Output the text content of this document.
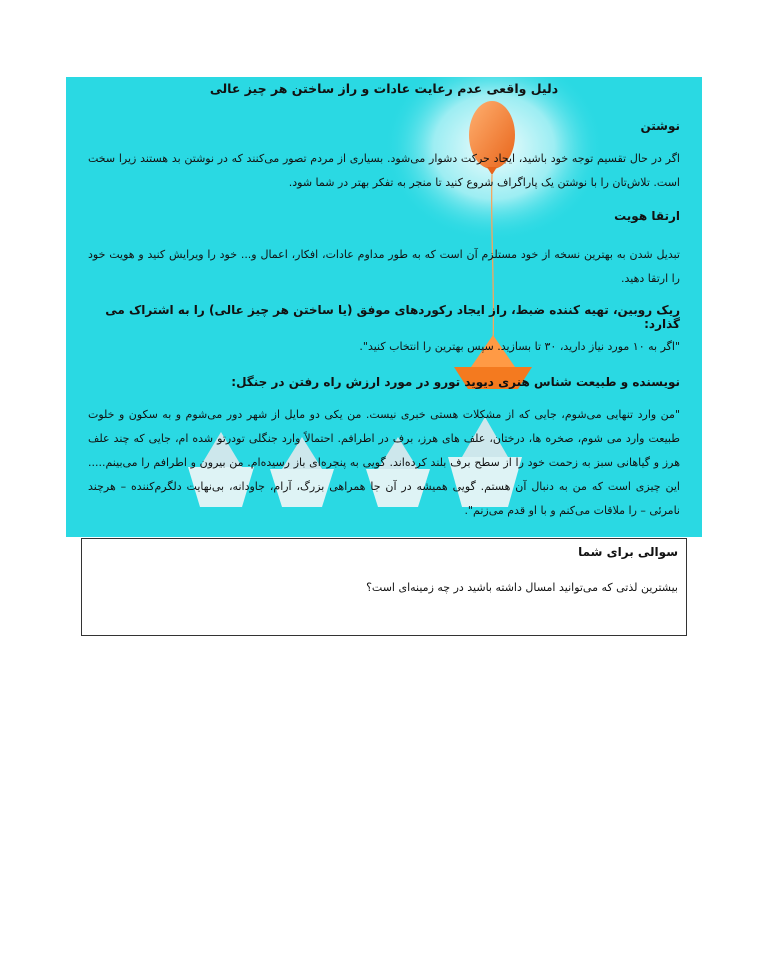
دلیل واقعی عدم رعایت عادات و راز ساختن هر چیز عالی
نوشتن

اگر در حال تقسیم توجه خود باشید، ایجاد حرکت دشوار می‌شود. بسیاری از مردم تصور می‌کنند که در نوشتن بد هستند زیرا سخت است. تلاش‌تان را با نوشتن یک پاراگراف شروع کنید تا منجر به تفکر بهتر در شما شود.

ارتقا هویت

تبدیل شدن به بهترین نسخه از خود مستلزم آن است که به طور مداوم عادات، افکار، اعمال و... خود را ویرایش کنید و هویت خود را ارتقا دهید.

ریک روبین، تهیه کننده ضبط، راز ایجاد رکوردهای موفق (یا ساختن هر چیز عالی) را به اشتراک می گذارد:

"اگر به ۱۰ مورد نیاز دارید، ۳۰ تا بسازید. سپس بهترین را انتخاب کنید".

نویسنده و طبیعت شناس هنری دیوید تورو در مورد ارزش راه رفتن در جنگل:

"من وارد تنهایی می‌شوم، جایی که از مشکلات هستی خبری نیست. من یکی دو مایل از شهر دور می‌شوم و به سکون و خلوت طبیعت وارد می شوم، صخره ها، درختان، علف های هرز، برف در اطرافم. احتمالاً وارد جنگلی تودرتو شده ام، جایی که چند علف هرز و گیاهانی سبز به زحمت خود را از سطح برف بلند کرده‌اند. گویی به پنجره‌ای باز رسیده‌ام. من بیرون و اطرافم را می‌بینم..... این چیزی است که من به دنبال آن هستم. گویی همیشه در آن جا همراهی بزرگ، آرام، جاودانه، بی‌نهایت دلگرم‌کننده – هرچند نامرئی – را ملاقات می‌کنم و با او قدم می‌زنم".

سوالی برای شما

بیشترین لذتی که می‌توانید امسال داشته باشید در چه زمینه‌ای است؟
